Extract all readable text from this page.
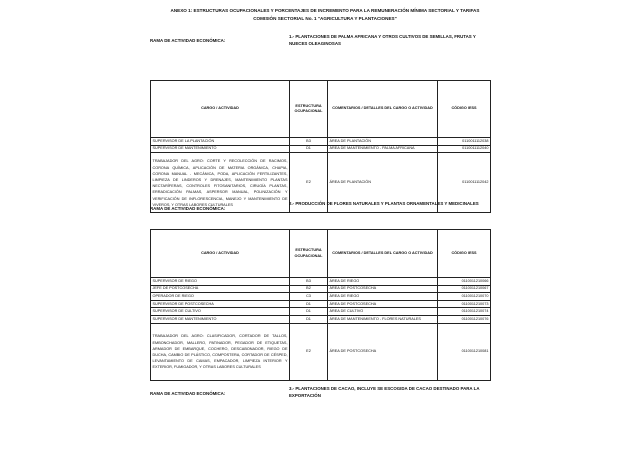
ANEXO 1: ESTRUCTURAS OCUPACIONALES Y PORCENTAJES DE INCREMENTO PARA LA REMUNERACIÓN MÍNIMA SECTORIAL Y TARIFAS
COMISIÓN SECTORIAL No. 1 "AGRICULTURA Y PLANTACIONES"
RAMA DE ACTIVIDAD ECONÓMICA:
1.- PLANTACIONES DE PALMA AFRICANA Y OTROS CULTIVOS DE SEMILLAS, FRUTAS Y NUECES OLEAGINOSAS
CARGO / ACTIVIDAD	ESTRUCTURA OCUPACIONAL	COMENTARIOS / DETALLES DEL CARGO O ACTIVIDAD	CÓDIGO IESS
SUPERVISOR DE LA PLANTACIÓN	B3	ÁREA DE PLANTACIÓN	0110011112038
SUPERVISOR DE MANTENIMIENTO	D1	ÁREA DE MANTENIMIENTO - PALMA AFRICANA	0110011112040
TRABAJADOR DEL AGRO: CORTE Y RECOLECCIÓN DE RACIMOS, CORONA QUÍMICA, APLICACIÓN DE MATERIA ORGÁNICA, CHAPIA, CORONA MANUAL - MECÁNICA, PODA, APLICACIÓN FERTILIZANTES, LIMPIEZA DE LINDEROS Y DRENAJES, MANTENIMIENTO PLANTAS NECTARÍFERAS, CONTROLES FITOSANITARIOS, CIRUGÍA PLANTAS, ERRADICACIÓN PALMAS, ASPERSOR MANUAL, POLINIZACIÓN Y VERIFICACIÓN DE INFLORESCENCIA, MANEJO Y MANTENIMIENTO DE VIVEROS, Y OTRAS LABORES CULTURALES	E2	ÁREA DE PLANTACIÓN	0110011112042
RAMA DE ACTIVIDAD ECONÓMICA:
2.- PRODUCCIÓN DE FLORES NATURALES Y PLANTAS ORNAMENTALES Y MEDICINALES
CARGO / ACTIVIDAD	ESTRUCTURA OCUPACIONAL	COMENTARIOS / DETALLES DEL CARGO O ACTIVIDAD	CÓDIGO IESS
SUPERVISOR DE RIEGO	B3	ÁREA DE RIEGO	0110011210066
JEFE DE POSTCOSECHA	B2	ÁREA DE POSTCOSECHA	0110011210067
OPERADOR DE RIEGO	C3	ÁREA DE RIEGO	0110011210070
SUPERVISOR DE POSTCOSECHA	D1	ÁREA DE POSTCOSECHA	0110011210073
SUPERVISOR DE CULTIVO	D1	ÁREA DE CULTIVO	0110011210074
SUPERVISOR DE MANTENIMIENTO	D1	ÁREA DE MANTENIMIENTO - FLORES NATURALES	0110011210076
TRABAJADOR DEL AGRO: CLASIFICADOR, CORTADOR DE TALLOS, EMBONCHADOR, MALLERO, PATINADOR, PEGADOR DE ETIQUETAS, ARMADOR DE EMBARQUE, COCHERO, DESCABONADOR, RIEGO DE DUCHA, CAMBIO DE PLÁSTICO, COMPOSTERA, CORTADOR DE CÉSPED, LEVANTAMIENTO DE CAMAS, EMPACADOR, LIMPIEZA INTERIOR Y EXTERIOR, FUMIGADOR, Y OTRAS LABORES CULTURALES	E2	ÁREA DE POSTCOSECHA	0110011210081
RAMA DE ACTIVIDAD ECONÓMICA:
3.- PLANTACIONES DE CACAO, INCLUYE SE ESCOGIDA DE CACAO DESTINADO PARA LA EXPORTACIÓN
